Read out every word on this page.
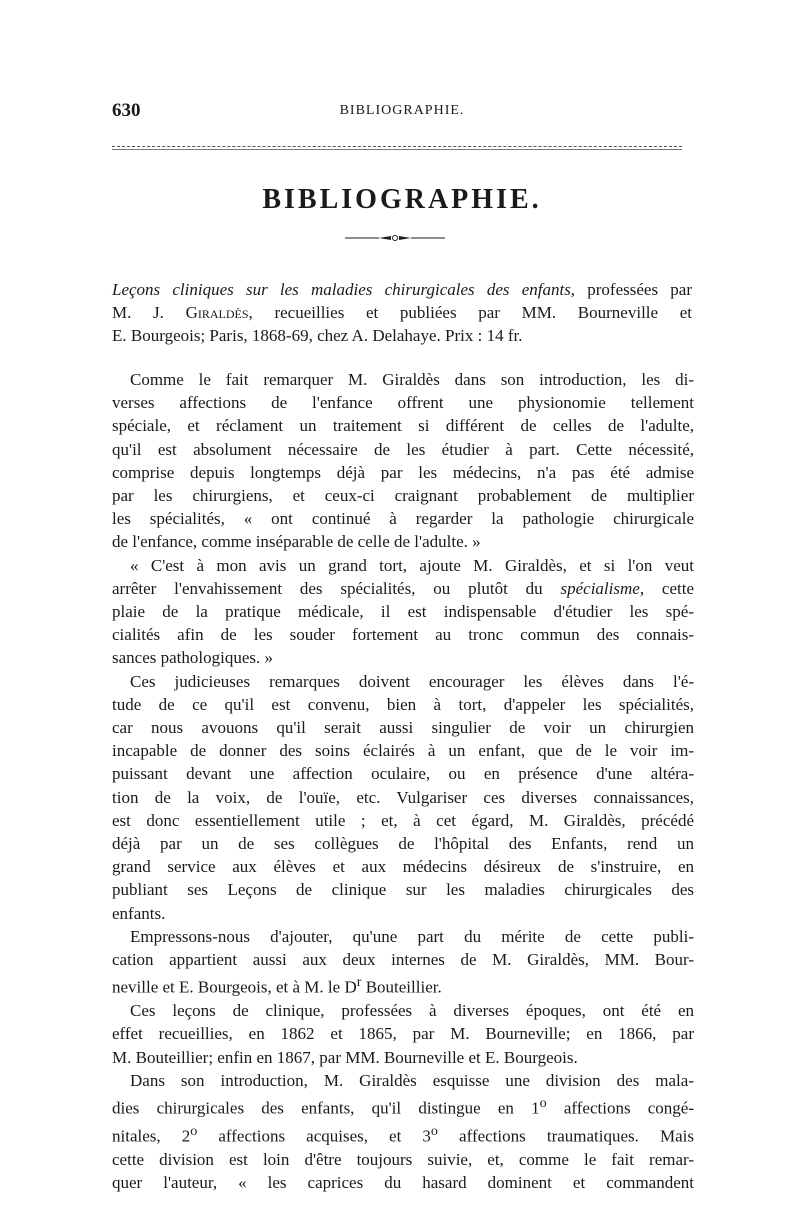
630	BIBLIOGRAPHIE.
BIBLIOGRAPHIE.
Leçons cliniques sur les maladies chirurgicales des enfants, professées par
M. J. Giraldès, recueillies et publiées par MM. Bourneville et
E. Bourgeois; Paris, 1868-69, chez A. Delahaye. Prix : 14 fr.
Comme le fait remarquer M. Giraldès dans son introduction, les di-
verses affections de l'enfance offrent une physionomie tellement
spéciale, et réclament un traitement si différent de celles de l'adulte,
qu'il est absolument nécessaire de les étudier à part. Cette nécessité,
comprise depuis longtemps déjà par les médecins, n'a pas été admise
par les chirurgiens, et ceux-ci craignant probablement de multiplier
les spécialités, « ont continué à regarder la pathologie chirurgicale
de l'enfance, comme inséparable de celle de l'adulte. »
« C'est à mon avis un grand tort, ajoute M. Giraldès, et si l'on veut
arrêter l'envahissement des spécialités, ou plutôt du spécialisme, cette
plaie de la pratique médicale, il est indispensable d'étudier les spé-
cialités afin de les souder fortement au tronc commun des connais-
sances pathologiques. »
Ces judicieuses remarques doivent encourager les élèves dans l'é-
tude de ce qu'il est convenu, bien à tort, d'appeler les spécialités,
car nous avouons qu'il serait aussi singulier de voir un chirurgien
incapable de donner des soins éclairés à un enfant, que de le voir im-
puissant devant une affection oculaire, ou en présence d'une altéra-
tion de la voix, de l'ouïe, etc. Vulgariser ces diverses connaissances,
est donc essentiellement utile ; et, à cet égard, M. Giraldès, précédé
déjà par un de ses collègues de l'hôpital des Enfants, rend un
grand service aux élèves et aux médecins désireux de s'instruire, en
publiant ses Leçons de clinique sur les maladies chirurgicales des
enfants.
Empressons-nous d'ajouter, qu'une part du mérite de cette publi-
cation appartient aussi aux deux internes de M. Giraldès, MM. Bour-
neville et E. Bourgeois, et à M. le $D^r$ Bouteillier.
Ces leçons de clinique, professées à diverses époques, ont été en
effet recueillies, en 1862 et 1865, par M. Bourneville; en 1866, par
M. Bouteillier; enfin en 1867, par MM. Bourneville et E. Bourgeois.
Dans son introduction, M. Giraldès esquisse une division des mala-
dies chirurgicales des enfants, qu'il distingue en 1$^o$ affections congé-
nitales, 2$^o$ affections acquises, et 3$^o$ affections traumatiques. Mais
cette division est loin d'être toujours suivie, et, comme le fait remar-
quer l'auteur, « les caprices du hasard dominent et commandent
